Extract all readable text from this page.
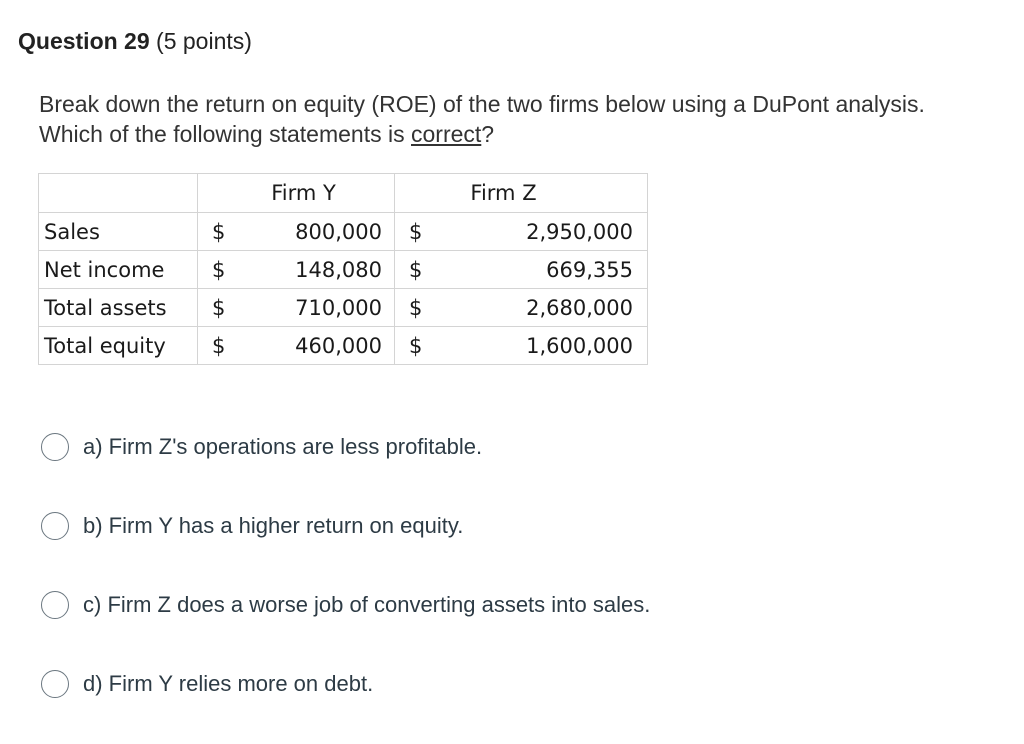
Question 29 (5 points)
Break down the return on equity (ROE) of the two firms below using a DuPont analysis. Which of the following statements is correct?
	Firm Y		Firm Z	
Sales	$	800,000	$	2,950,000
Net income	$	148,080	$	669,355
Total assets	$	710,000	$	2,680,000
Total equity	$	460,000	$	1,600,000
a) Firm Z's operations are less profitable.
b) Firm Y has a higher return on equity.
c) Firm Z does a worse job of converting assets into sales.
d) Firm Y relies more on debt.
